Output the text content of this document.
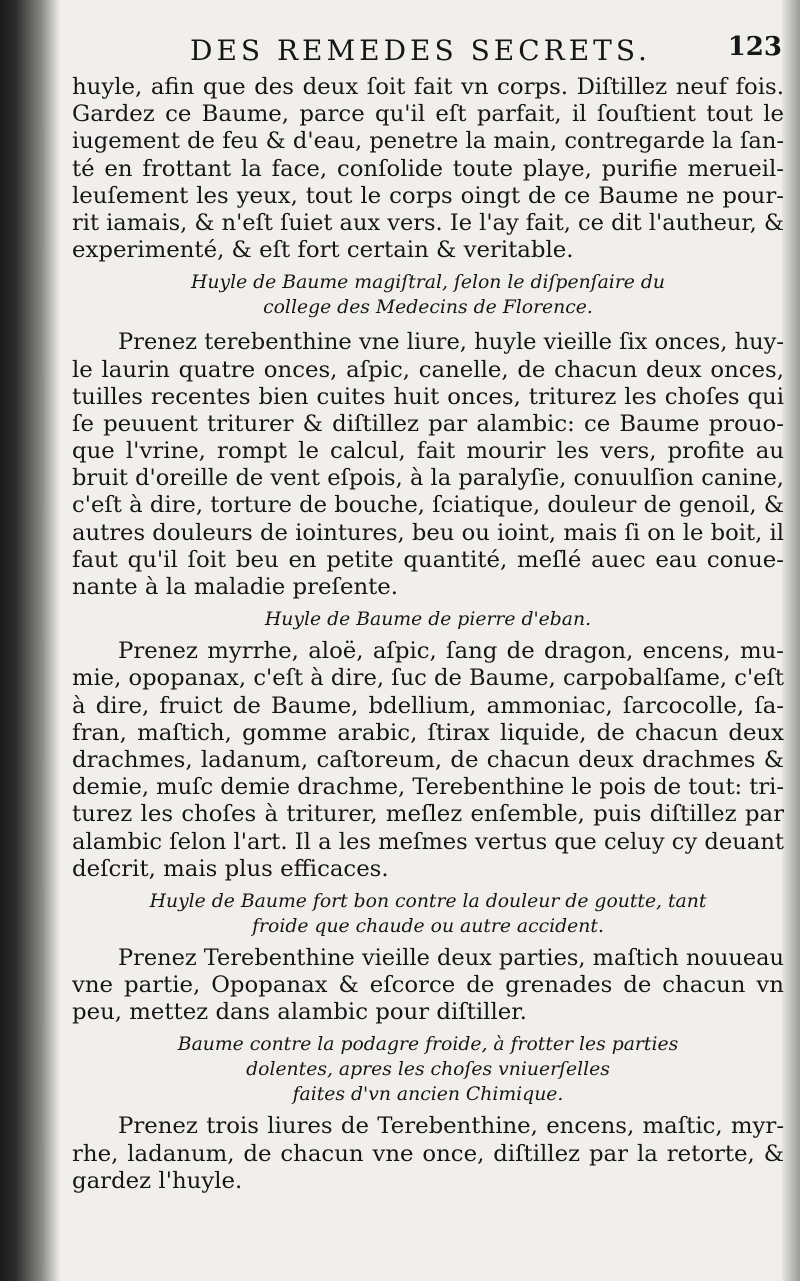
DES REMEDES SECRETS.	123
huyle, afin que des deux ſoit fait vn corps. Diſtillez neuf fois.
Gardez ce Baume, parce qu'il eſt parfait, il ſouſtient tout le
iugement de feu & d'eau, penetre la main, contregarde la ſan-
té en frottant la face, conſolide toute playe, purifie merueil-
leuſement les yeux, tout le corps oingt de ce Baume ne pour-
rit iamais, & n'eſt ſuiet aux vers. Ie l'ay fait, ce dit l'autheur, &
experimenté, & eſt fort certain & veritable.
Huyle de Baume magiſtral, ſelon le diſpenſaire du
college des Medecins de Florence.
Prenez terebenthine vne liure, huyle vieille ſix onces, huy-
le laurin quatre onces, aſpic, canelle, de chacun deux onces,
tuilles recentes bien cuites huit onces, triturez les choſes qui
ſe peuuent triturer & diſtillez par alambic: ce Baume prouo-
que l'vrine, rompt le calcul, fait mourir les vers, profite au
bruit d'oreille de vent eſpois, à la paralyſie, conuulſion canine,
c'eſt à dire, torture de bouche, ſciatique, douleur de genoil, &
autres douleurs de iointures, beu ou ioint, mais ſi on le boit, il
faut qu'il ſoit beu en petite quantité, meſlé auec eau conue-
nante à la maladie preſente.
Huyle de Baume de pierre d'eban.
Prenez myrrhe, aloë, aſpic, ſang de dragon, encens, mu-
mie, opopanax, c'eſt à dire, ſuc de Baume, carpobalſame, c'eſt
à dire, fruict de Baume, bdellium, ammoniac, ſarcocolle, ſa-
fran, maſtich, gomme arabic, ſtirax liquide, de chacun deux
drachmes, ladanum, caſtoreum, de chacun deux drachmes &
demie, muſc demie drachme, Terebenthine le pois de tout: tri-
turez les choſes à triturer, meſlez enſemble, puis diſtillez par
alambic ſelon l'art. Il a les meſmes vertus que celuy cy deuant
deſcrit, mais plus efficaces.
Huyle de Baume fort bon contre la douleur de goutte, tant
froide que chaude ou autre accident.
Prenez Terebenthine vieille deux parties, maſtich nouueau
vne partie, Opopanax & eſcorce de grenades de chacun vn
peu, mettez dans alambic pour diſtiller.
Baume contre la podagre froide, à frotter les parties
dolentes, apres les choſes vniuerſelles
faites d'vn ancien Chimique.
Prenez trois liures de Terebenthine, encens, maſtic, myr-
rhe, ladanum, de chacun vne once, diſtillez par la retorte, &
gardez l'huyle.
